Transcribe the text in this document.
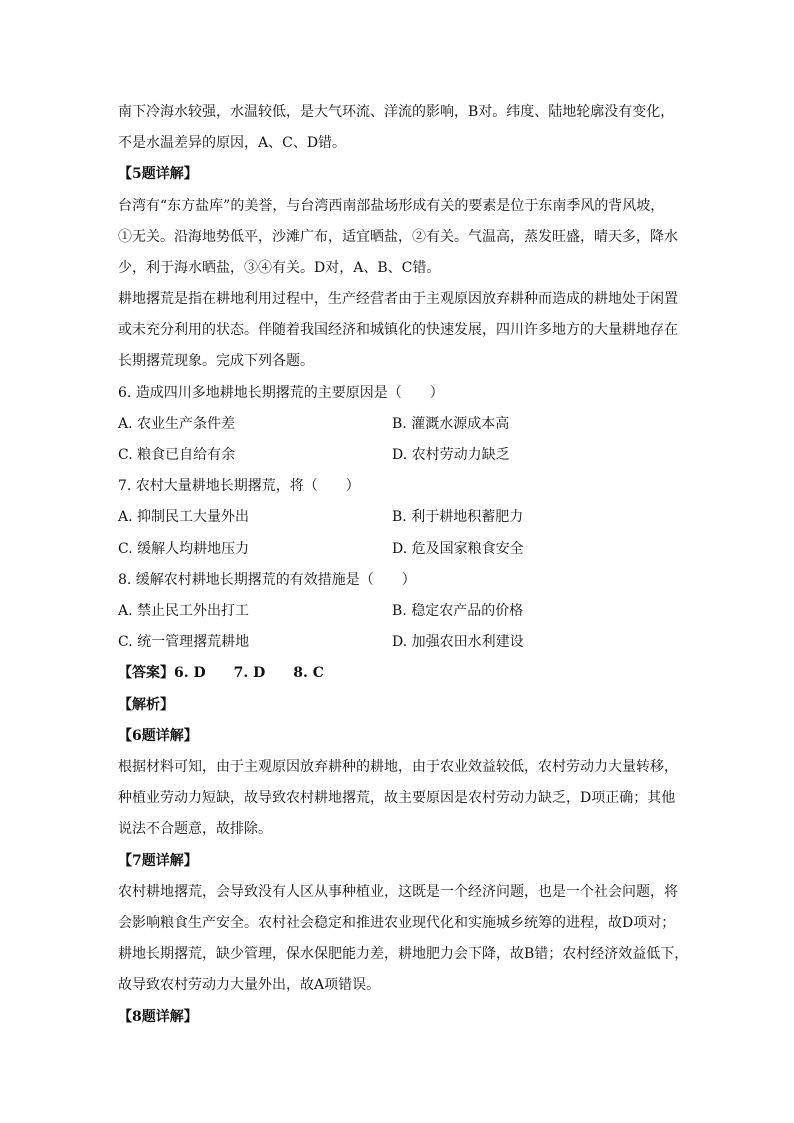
南下冷海水较强，水温较低，是大气环流、洋流的影响，B对。纬度、陆地轮廓没有变化，
不是水温差异的原因，A、C、D错。
【5题详解】
台湾有“东方盐库”的美誉，与台湾西南部盐场形成有关的要素是位于东南季风的背风坡，
①无关。沿海地势低平，沙滩广布，适宜晒盐，②有关。气温高，蒸发旺盛，晴天多，降水
少，利于海水晒盐，③④有关。D对，A、B、C错。
耕地撂荒是指在耕地利用过程中，生产经营者由于主观原因放弃耕种而造成的耕地处于闲置
或未充分利用的状态。伴随着我国经济和城镇化的快速发展，四川许多地方的大量耕地存在
长期撂荒现象。完成下列各题。
6. 造成四川多地耕地长期撂荒的主要原因是（　　）
A. 农业生产条件差	B. 灌溉水源成本高
C. 粮食已自给有余	D. 农村劳动力缺乏
7. 农村大量耕地长期撂荒，将（　　）
A. 抑制民工大量外出	B. 利于耕地积蓄肥力
C. 缓解人均耕地压力	D. 危及国家粮食安全
8. 缓解农村耕地长期撂荒的有效措施是（　　）
A. 禁止民工外出打工	B. 稳定农产品的价格
C. 统一管理撂荒耕地	D. 加强农田水利建设
【答案】6. D　　7. D　　8. C
【解析】
【6题详解】
根据材料可知，由于主观原因放弃耕种的耕地，由于农业效益较低，农村劳动力大量转移，
种植业劳动力短缺，故导致农村耕地撂荒，故主要原因是农村劳动力缺乏，D项正确；其他
说法不合题意，故排除。
【7题详解】
农村耕地撂荒，会导致没有人区从事种植业，这既是一个经济问题，也是一个社会问题，将
会影响粮食生产安全。农村社会稳定和推进农业现代化和实施城乡统筹的进程，故D项对；
耕地长期撂荒，缺少管理，保水保肥能力差，耕地肥力会下降，故B错；农村经济效益低下，
故导致农村劳动力大量外出，故A项错误。
【8题详解】
